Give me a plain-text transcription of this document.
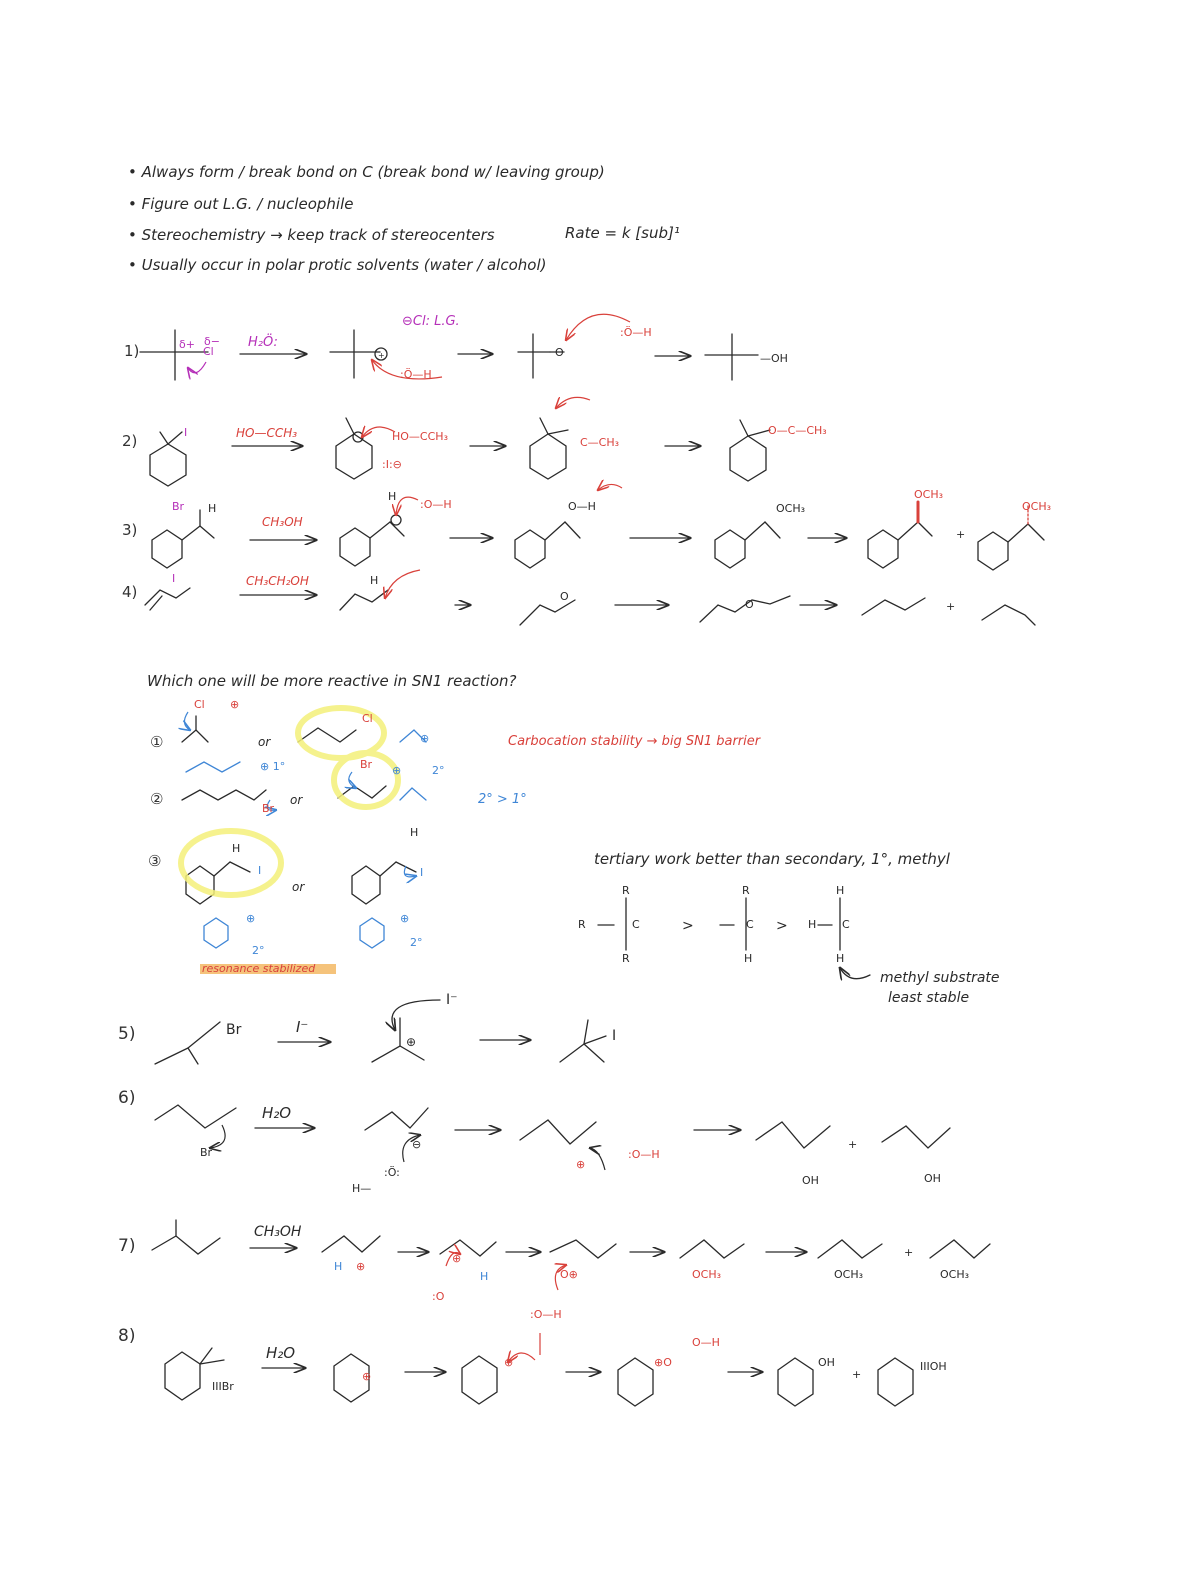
• Always form / break bond on C (break bond w/ leaving group)
• Figure out L.G. / nucleophile
• Stereochemistry → keep track of stereocenters
• Usually occur in polar protic solvents (water / alcohol)
Rate = k [sub]¹
1)
2)
3)
4)
5)
6)
7)
8)
Which one will be more reactive in SN1 reaction?
①
②
③
Carbocation stability → big SN1 barrier
2° > 1°
tertiary work better than secondary, 1°, methyl
methyl substrate
least stable
Cl
δ+ δ−
+
:Ö—H
O
:Ö—H
—OH
I	HO—CCH₃
:I:⊖
C—CH₃
O—C—CH₃
Br H
H
:O—H	O—H	OCH₃
OCH₃
OCH₃
+
I	H
O
O	+
Cl ⊕
Cl
⊕
Br
Br
⊕	2°
⊕ 1°
H
I
H
I
⊕
2°
⊕
2°
resonance stabilized
R
R	C
R
>
R
C
H
>
H
H C
H
Br
⊕
I⁻
I
Br
⊖
H—
:Ö:
⊕
:O—H
OH
+
OH
H ⊕
⊕
H
:O
O⊕	OCH₃	OCH₃
+
OCH₃
IIIBr
⊕
⊕
:O—H
⊕O
O—H
OH
+
IIIOH
H₂Ö:
HO—CCH₃
CH₃OH
CH₃CH₂OH
I⁻
H₂O
CH₃OH
H₂O
⊖Cl: L.G.
or
or
or
